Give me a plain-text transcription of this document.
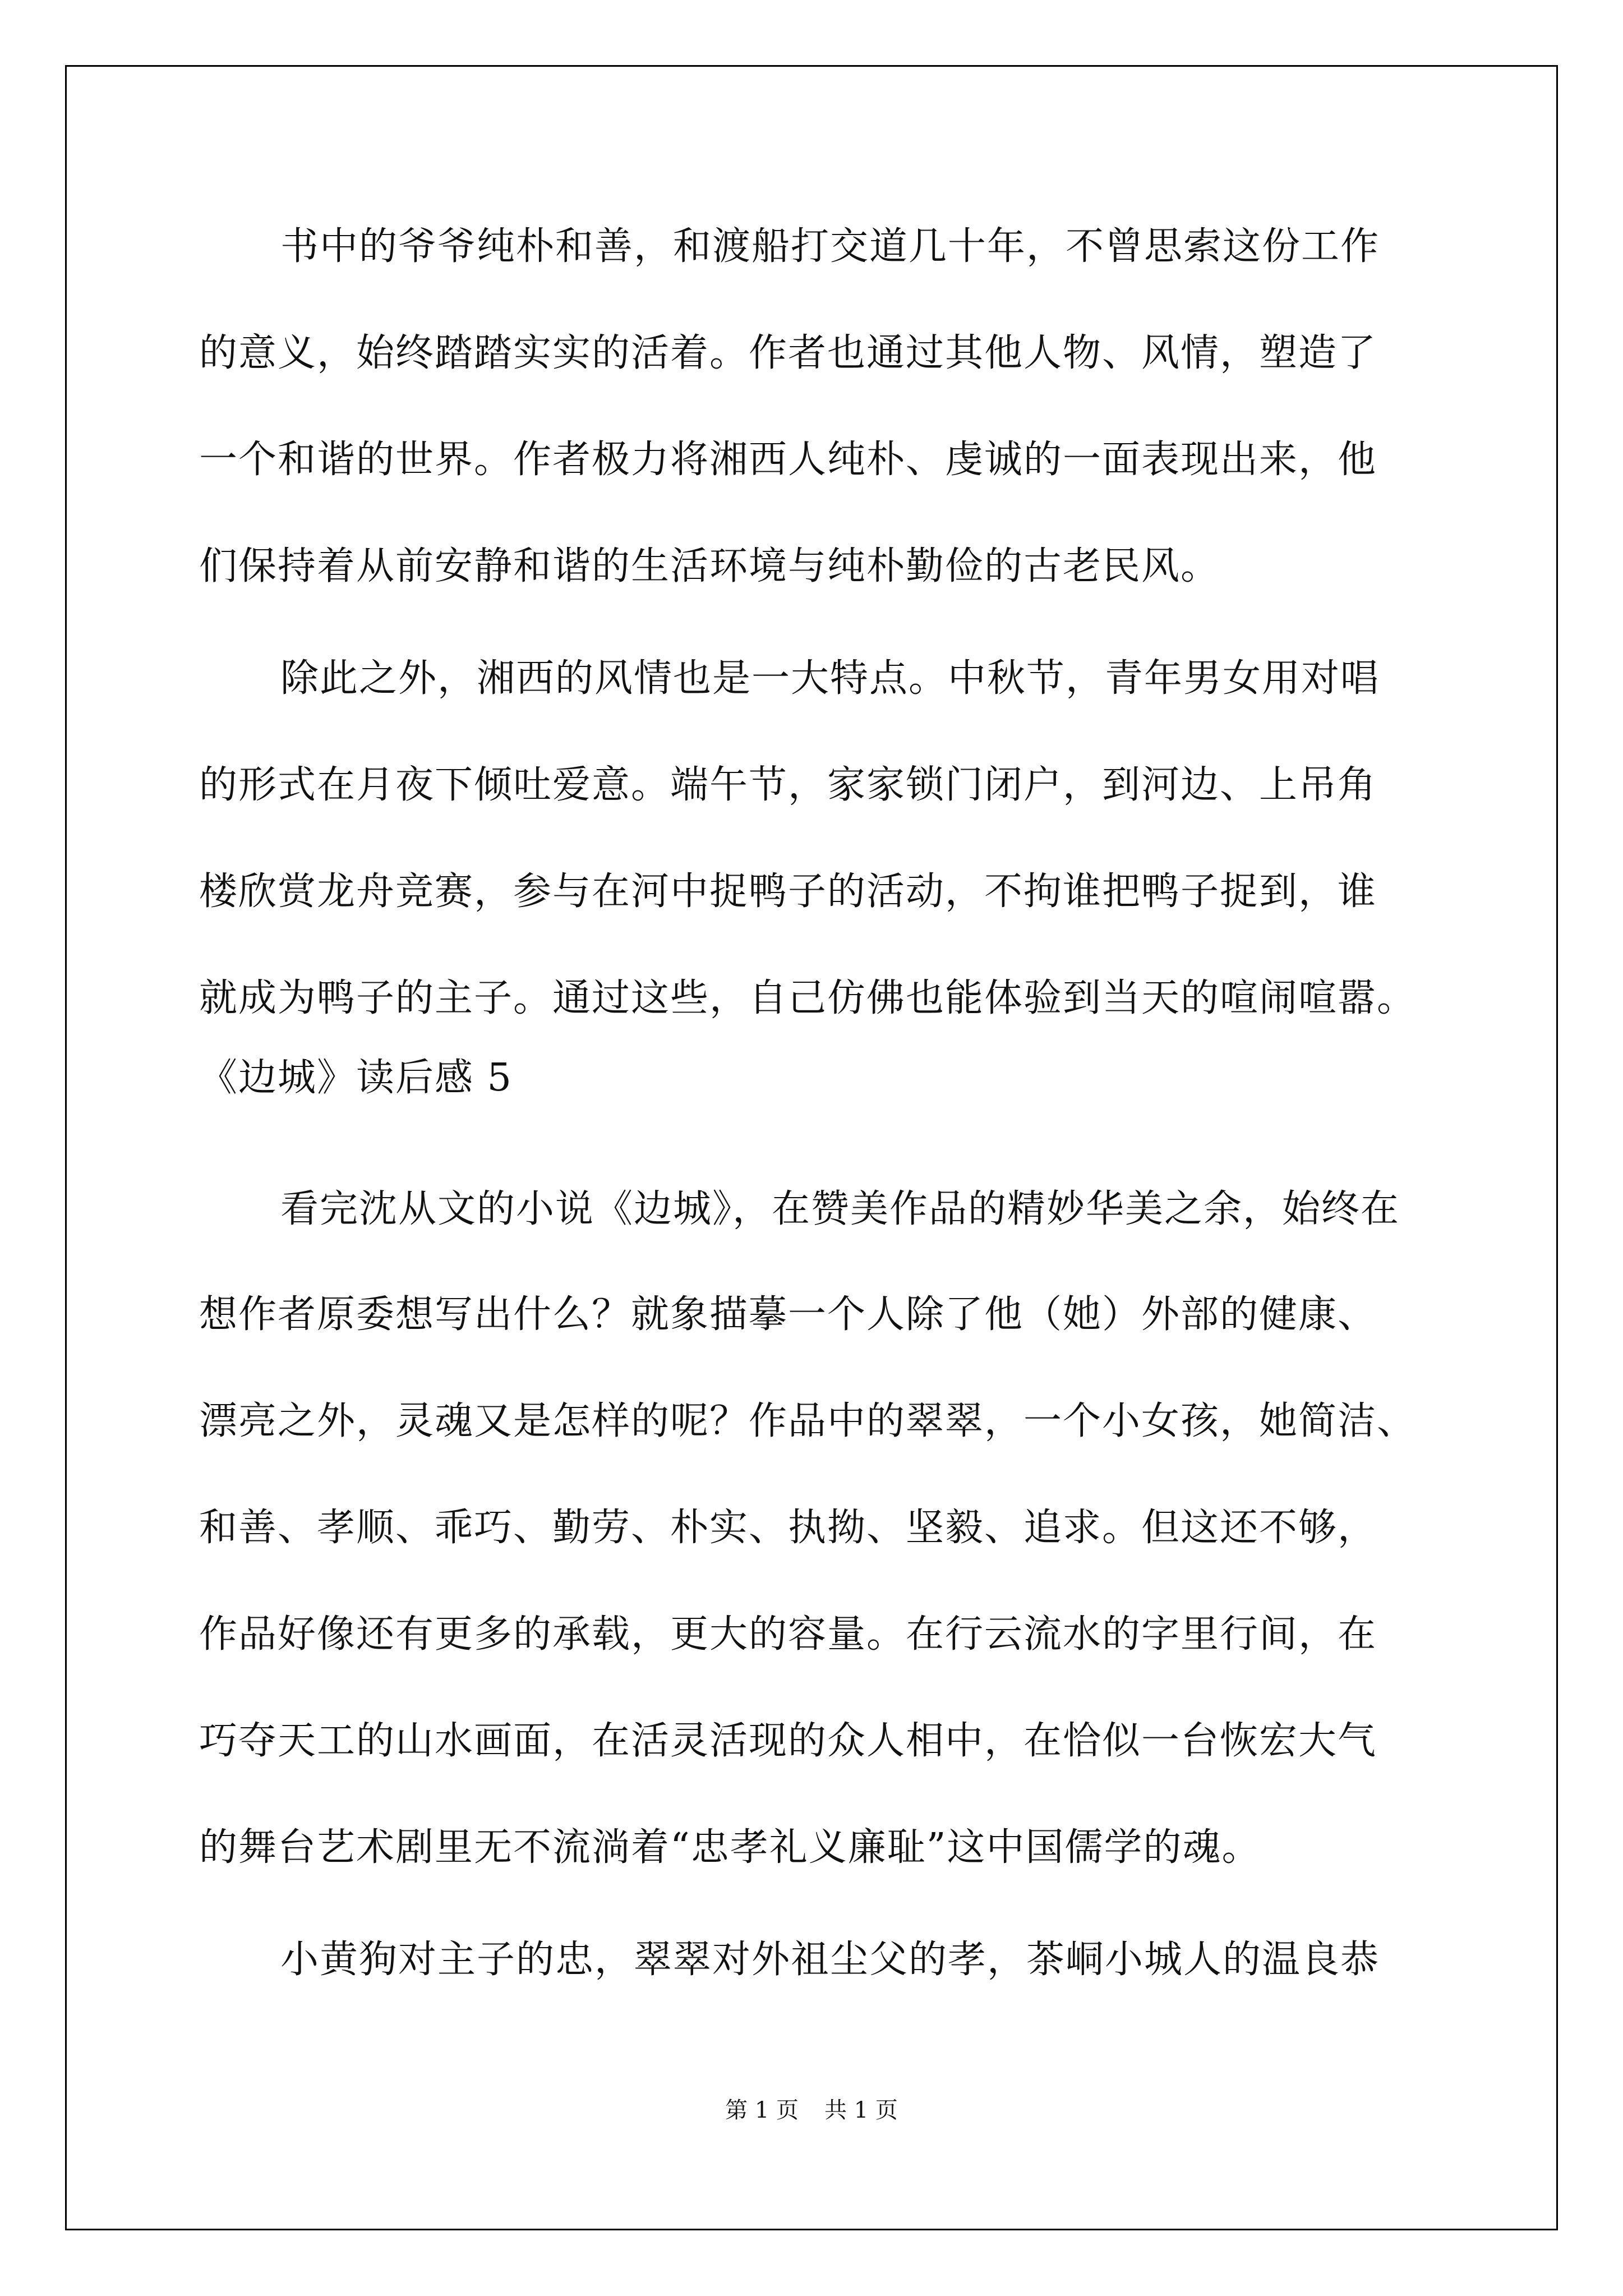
书中的爷爷纯朴和善，和渡船打交道几十年，不曾思索这份工作
的意义，始终踏踏实实的活着。作者也通过其他人物、风情，塑造了
一个和谐的世界。作者极力将湘西人纯朴、虔诚的一面表现出来，他
们保持着从前安静和谐的生活环境与纯朴勤俭的古老民风。
除此之外，湘西的风情也是一大特点。中秋节，青年男女用对唱
的形式在月夜下倾吐爱意。端午节，家家锁门闭户，到河边、上吊角
楼欣赏龙舟竞赛，参与在河中捉鸭子的活动，不拘谁把鸭子捉到，谁
就成为鸭子的主子。通过这些，自己仿佛也能体验到当天的喧闹喧嚣。
《边城》读后感 5
看完沈从文的小说《边城》，在赞美作品的精妙华美之余，始终在
想作者原委想写出什么？就象描摹一个人除了他（她）外部的健康、
漂亮之外，灵魂又是怎样的呢？作品中的翠翠，一个小女孩，她简洁、
和善、孝顺、乖巧、勤劳、朴实、执拗、坚毅、追求。但这还不够，
作品好像还有更多的承载，更大的容量。在行云流水的字里行间，在
巧夺天工的山水画面，在活灵活现的众人相中，在恰似一台恢宏大气
的舞台艺术剧里无不流淌着“忠孝礼义廉耻”这中国儒学的魂。
小黄狗对主子的忠，翠翠对外祖尘父的孝，茶峒小城人的温良恭
第 1 页 共 1 页
